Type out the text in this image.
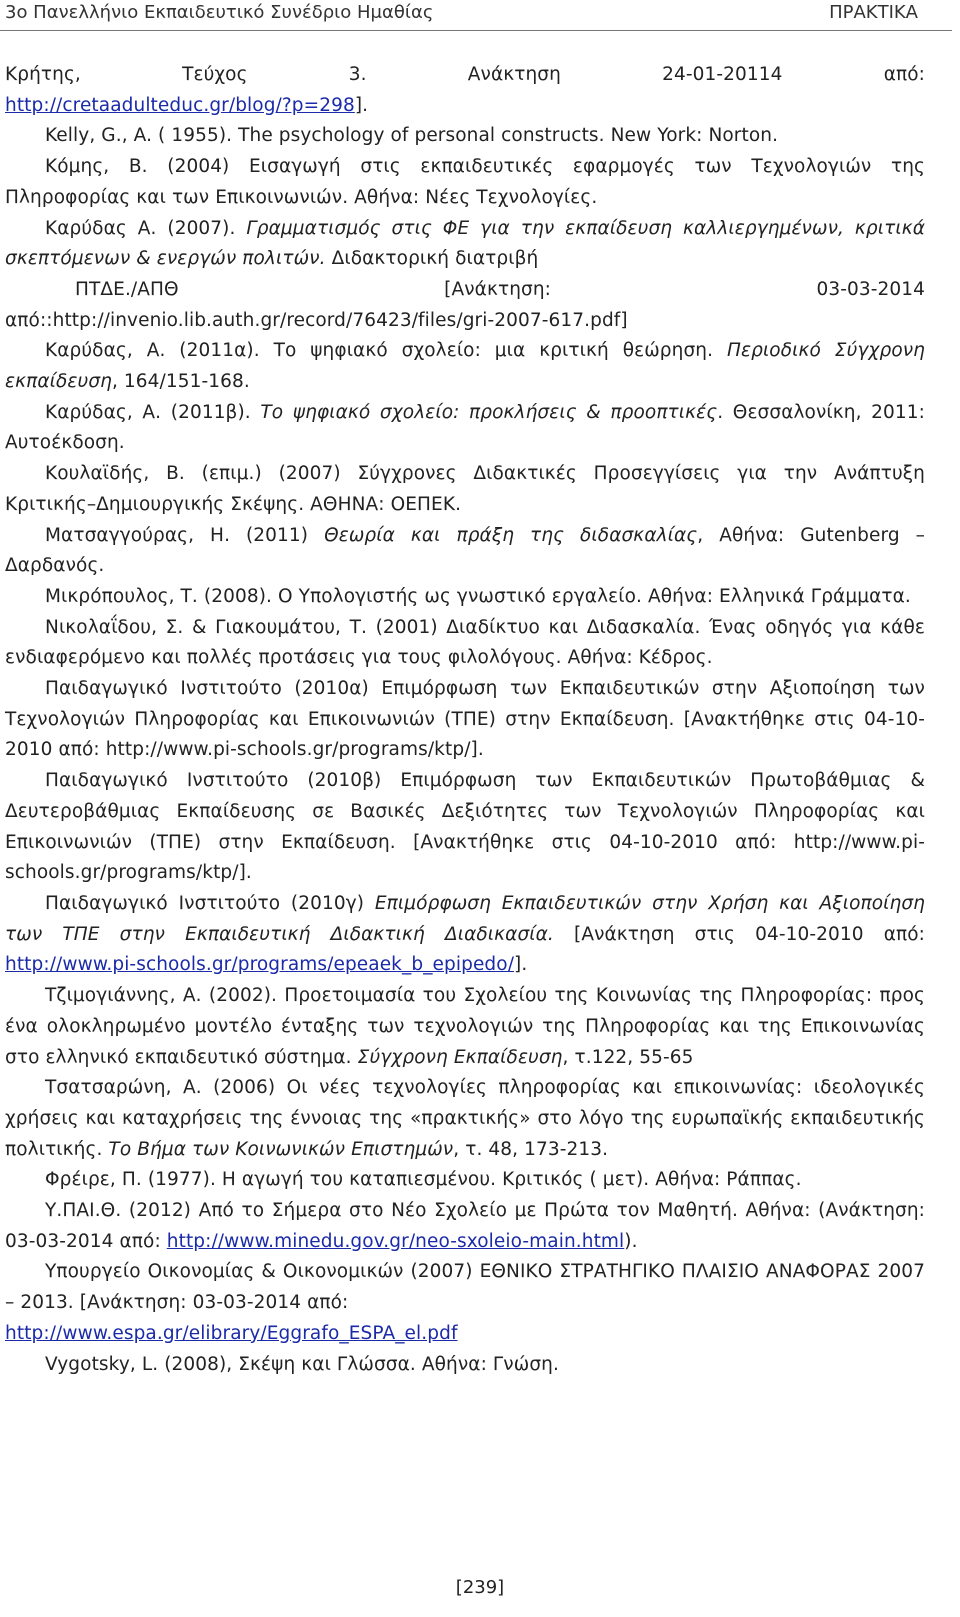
3ο Πανελλήνιο Εκπαιδευτικό Συνέδριο Ημαθίας	ΠΡΑΚΤΙΚΑ

Κρήτης, Τεύχος 3. Ανάκτηση 24-01-20114 από:

http://cretaadulteduc.gr/blog/?p=298].

Kelly, G., A. ( 1955). The psychology of personal constructs. New York: Norton.

Κόμης, Β. (2004) Εισαγωγή στις εκπαιδευτικές εφαρμογές των Τεχνολογιών της Πληροφορίας και των Επικοινωνιών. Αθήνα: Νέες Τεχνολογίες.

Καρύδας Α. (2007). Γραμματισμός στις ΦΕ για την εκπαίδευση καλλιεργημένων, κριτικά σκεπτόμενων & ενεργών πολιτών. Διδακτορική διατριβή

ΠΤΔΕ./ΑΠΘ [Ανάκτηση: 03-03-2014

από::http://invenio.lib.auth.gr/record/76423/files/gri-2007-617.pdf]

Καρύδας, Α. (2011α). Το ψηφιακό σχολείο: μια κριτική θεώρηση. Περιοδικό Σύγχρονη εκπαίδευση, 164/151-168.

Καρύδας, Α. (2011β). Το ψηφιακό σχολείο: προκλήσεις & προοπτικές. Θεσσαλονίκη, 2011: Αυτοέκδοση.

Κουλαϊδής, Β. (επιμ.) (2007) Σύγχρονες Διδακτικές Προσεγγίσεις για την Ανάπτυξη Κριτικής–Δημιουργικής Σκέψης. ΑΘΗΝΑ: ΟΕΠΕΚ.

Ματσαγγούρας, Η. (2011) Θεωρία και πράξη της διδασκαλίας, Αθήνα: Gutenberg – Δαρδανός.

Μικρόπουλος, Τ. (2008). Ο Υπολογιστής ως γνωστικό εργαλείο. Αθήνα: Ελληνικά Γράμματα.

Νικολαΐδου, Σ. & Γιακουμάτου, Τ. (2001) Διαδίκτυο και Διδασκαλία. Ένας οδηγός για κάθε ενδιαφερόμενο και πολλές προτάσεις για τους φιλολόγους. Αθήνα: Κέδρος.

Παιδαγωγικό Ινστιτούτο (2010α) Επιμόρφωση των Εκπαιδευτικών στην Αξιοποίηση των Τεχνολογιών Πληροφορίας και Επικοινωνιών (ΤΠΕ) στην Εκπαίδευση. [Ανακτήθηκε στις 04-10-2010 από: http://www.pi-schools.gr/programs/ktp/].

Παιδαγωγικό Ινστιτούτο (2010β) Επιμόρφωση των Εκπαιδευτικών Πρωτοβάθμιας & Δευτεροβάθμιας Εκπαίδευσης σε Βασικές Δεξιότητες των Τεχνολογιών Πληροφορίας και Επικοινωνιών (ΤΠΕ) στην Εκπαίδευση. [Ανακτήθηκε στις 04-10-2010 από: http://www.pi-schools.gr/programs/ktp/].

Παιδαγωγικό Ινστιτούτο (2010γ) Επιμόρφωση Εκπαιδευτικών στην Χρήση και Αξιοποίηση των ΤΠΕ στην Εκπαιδευτική Διδακτική Διαδικασία. [Ανάκτηση στις 04-10-2010 από: http://www.pi-schools.gr/programs/epeaek_b_epipedo/].

Τζιμογιάννης, Α. (2002). Προετοιμασία του Σχολείου της Κοινωνίας της Πληροφορίας: προς ένα ολοκληρωμένο μοντέλο ένταξης των τεχνολογιών της Πληροφορίας και της Επικοινωνίας στο ελληνικό εκπαιδευτικό σύστημα. Σύγχρονη Εκπαίδευση, τ.122, 55-65

Τσατσαρώνη, Α. (2006) Οι νέες τεχνολογίες πληροφορίας και επικοινωνίας: ιδεολογικές χρήσεις και καταχρήσεις της έννοιας της «πρακτικής» στο λόγο της ευρωπαϊκής εκπαιδευτικής πολιτικής. Το Βήμα των Κοινωνικών Επιστημών, τ. 48, 173-213.

Φρέιρε, Π. (1977). Η αγωγή του καταπιεσμένου. Κριτικός ( μετ). Αθήνα: Ράππας.

Υ.ΠΑΙ.Θ. (2012) Από το Σήμερα στο Νέο Σχολείο με Πρώτα τον Μαθητή. Αθήνα: (Ανάκτηση: 03-03-2014 από: http://www.minedu.gov.gr/neo-sxoleio-main.html).

Υπουργείο Οικονομίας & Οικονομικών (2007) ΕΘΝΙΚΟ ΣΤΡΑΤΗΓΙΚΟ ΠΛΑΙΣΙΟ ΑΝΑΦΟΡΑΣ 2007 – 2013. [Ανάκτηση: 03-03-2014 από:

http://www.espa.gr/elibrary/Eggrafo_ESPA_el.pdf

Vygotsky, L. (2008), Σκέψη και Γλώσσα. Αθήνα: Γνώση.

[239]
